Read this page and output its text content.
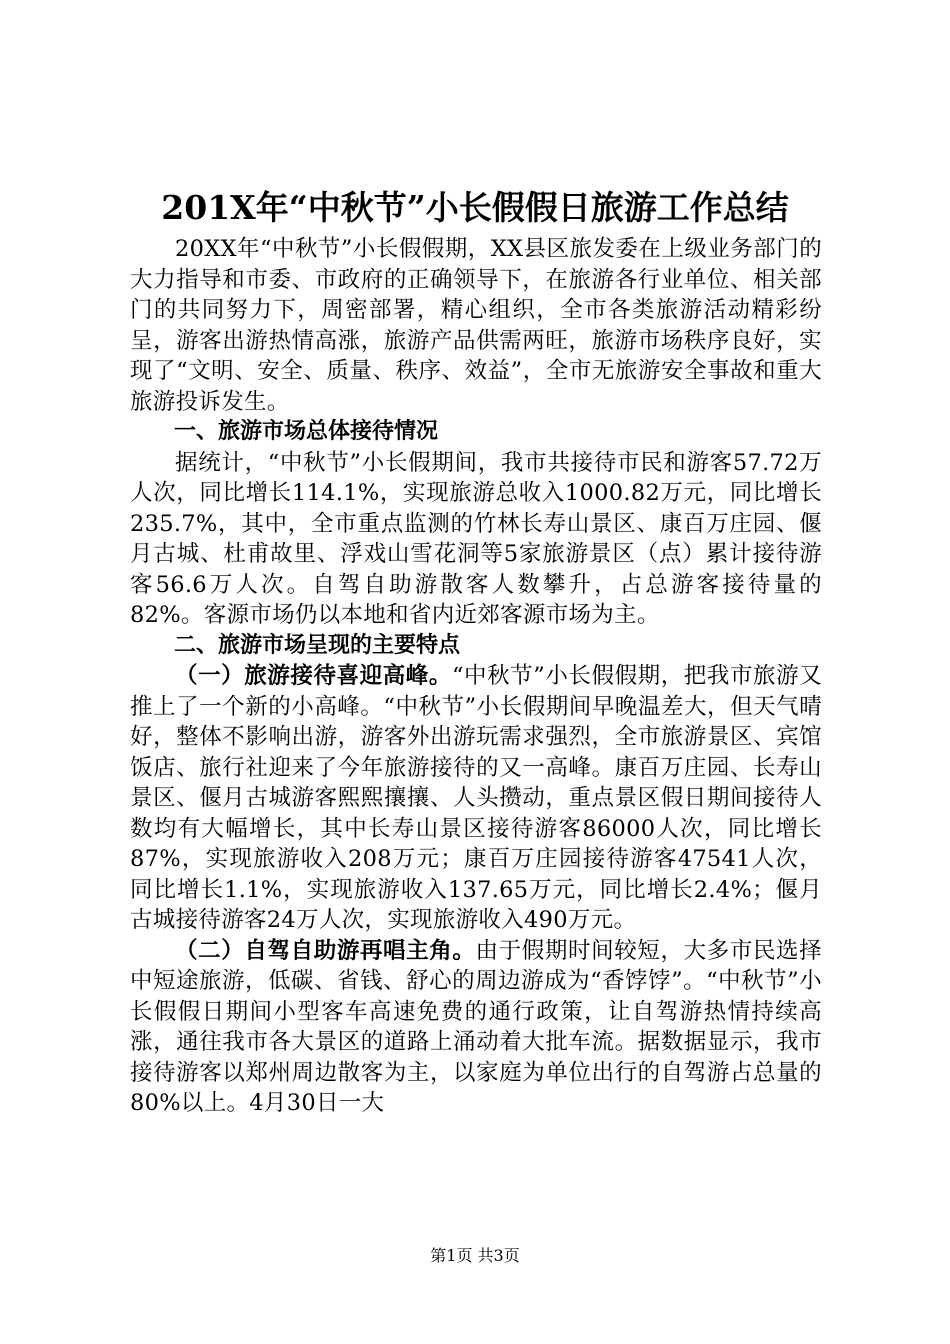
201X年“中秋节”小长假假日旅游工作总结

20XX年“中秋节”小长假假期，XX县区旅发委在上级业务部门的大力指导和市委、市政府的正确领导下，在旅游各行业单位、相关部门的共同努力下，周密部署，精心组织，全市各类旅游活动精彩纷呈，游客出游热情高涨，旅游产品供需两旺，旅游市场秩序良好，实现了“文明、安全、质量、秩序、效益”，全市无旅游安全事故和重大旅游投诉发生。

一、旅游市场总体接待情况

据统计，“中秋节”小长假期间，我市共接待市民和游客57.72万人次，同比增长114.1%，实现旅游总收入1000.82万元，同比增长235.7%，其中，全市重点监测的竹林长寿山景区、康百万庄园、偃月古城、杜甫故里、浮戏山雪花洞等5家旅游景区（点）累计接待游客56.6万人次。自驾自助游散客人数攀升，占总游客接待量的82%。客源市场仍以本地和省内近郊客源市场为主。

二、旅游市场呈现的主要特点

（一）旅游接待喜迎高峰。“中秋节”小长假假期，把我市旅游又推上了一个新的小高峰。“中秋节”小长假期间早晚温差大，但天气晴好，整体不影响出游，游客外出游玩需求强烈，全市旅游景区、宾馆饭店、旅行社迎来了今年旅游接待的又一高峰。康百万庄园、长寿山景区、偃月古城游客熙熙攘攘、人头攒动，重点景区假日期间接待人数均有大幅增长，其中长寿山景区接待游客86000人次，同比增长87%，实现旅游收入208万元；康百万庄园接待游客47541人次，同比增长1.1%，实现旅游收入137.65万元，同比增长2.4%；偃月古城接待游客24万人次，实现旅游收入490万元。

（二）自驾自助游再唱主角。由于假期时间较短，大多市民选择中短途旅游，低碳、省钱、舒心的周边游成为“香饽饽”。“中秋节”小长假假日期间小型客车高速免费的通行政策，让自驾游热情持续高涨，通往我市各大景区的道路上涌动着大批车流。据数据显示，我市接待游客以郑州周边散客为主，以家庭为单位出行的自驾游占总量的80%以上。4月30日一大

第1页 共3页
